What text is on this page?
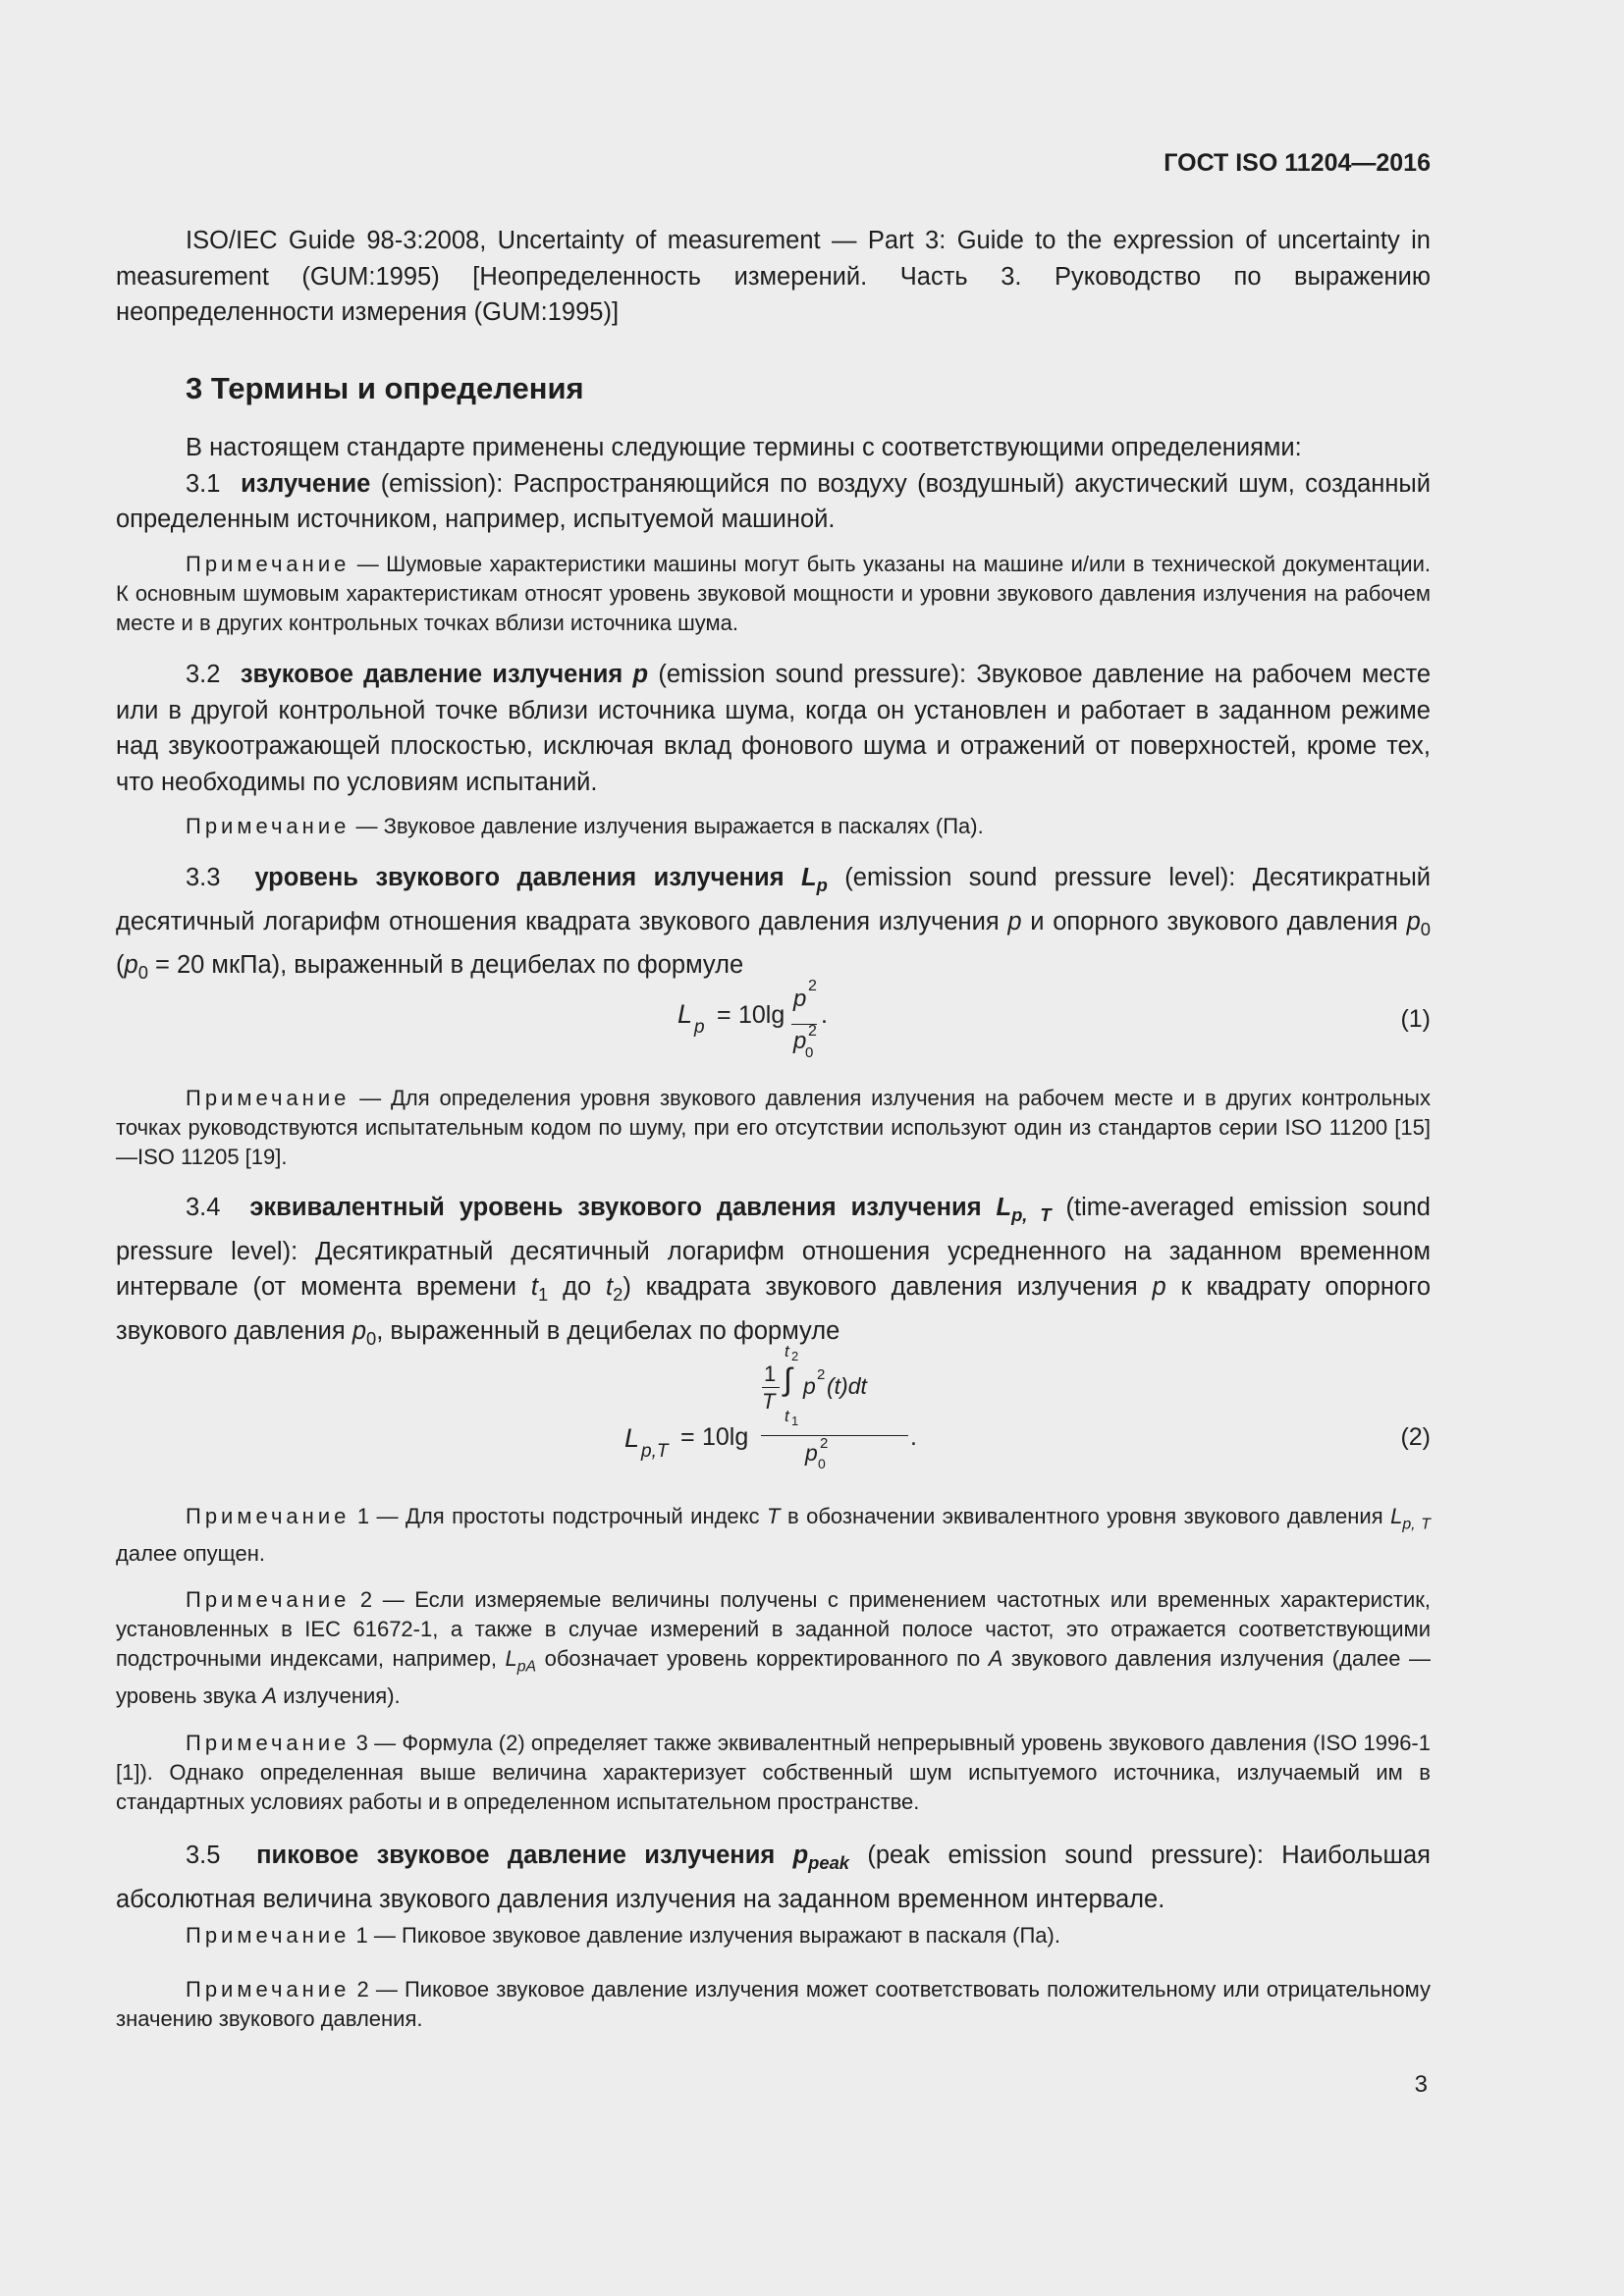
ГОСТ ISO 11204—2016

ISO/IEC Guide 98-3:2008, Uncertainty of measurement — Part 3: Guide to the expression of uncertainty in measurement (GUM:1995) [Неопределенность измерений. Часть 3. Руководство по выражению неопределенности измерения (GUM:1995)]

3 Термины и определения

В настоящем стандарте применены следующие термины с соответствующими определениями:

3.1 излучение (emission): Распространяющийся по воздуху (воздушный) акустический шум, созданный определенным источником, например, испытуемой машиной.

Примечание — Шумовые характеристики машины могут быть указаны на машине и/или в технической документации. К основным шумовым характеристикам относят уровень звуковой мощности и уровни звукового давления излучения на рабочем месте и в других контрольных точках вблизи источника шума.

3.2 звуковое давление излучения p (emission sound pressure): Звуковое давление на рабочем месте или в другой контрольной точке вблизи источника шума, когда он установлен и работает в заданном режиме над звукоотражающей плоскостью, исключая вклад фонового шума и отражений от поверхностей, кроме тех, что необходимы по условиям испытаний.

Примечание — Звуковое давление излучения выражается в паскалях (Па).

3.3 уровень звукового давления излучения $L_p$ (emission sound pressure level): Десятикратный десятичный логарифм отношения квадрата звукового давления излучения p и опорного звукового давления $p_0$ ($p_0 = 20$ мкПа), выраженный в децибелах по формуле

L p = 10lg
p 2
p
0
2
.	(1)

Примечание — Для определения уровня звукового давления излучения на рабочем месте и в других контрольных точках руководствуются испытательным кодом по шуму, при его отсутствии используют один из стандартов серии ISO 11200 [15]—ISO 11205 [19].

3.4 эквивалентный уровень звукового давления излучения $L_{p, T}$ (time-averaged emission sound pressure level): Десятикратный десятичный логарифм отношения усредненного на заданном временном интервале (от момента времени $t_1$ до $t_2$) квадрата звукового давления излучения p к квадрату опорного звукового давления $p_0$, выраженный в децибелах по формуле

L p,T
= 10lg
1
T
∫
t 2
t 1
p 2 (t)dt
p 0
2	.	(2)

Примечание 1 — Для простоты подстрочный индекс T в обозначении эквивалентного уровня звукового давления $L_{p, T}$ далее опущен.

Примечание 2 — Если измеряемые величины получены с применением частотных или временных характеристик, установленных в IEC 61672-1, а также в случае измерений в заданной полосе частот, это отражается соответствующими подстрочными индексами, например, $L_{pA}$ обозначает уровень корректированного по A звукового давления излучения (далее — уровень звука A излучения).

Примечание 3 — Формула (2) определяет также эквивалентный непрерывный уровень звукового давления (ISO 1996-1 [1]). Однако определенная выше величина характеризует собственный шум испытуемого источника, излучаемый им в стандартных условиях работы и в определенном испытательном пространстве.

3.5 пиковое звуковое давление излучения $p_{peak}$ (peak emission sound pressure): Наибольшая абсолютная величина звукового давления излучения на заданном временном интервале.

Примечание 1 — Пиковое звуковое давление излучения выражают в паскаля (Па).

Примечание 2 — Пиковое звуковое давление излучения может соответствовать положительному или отрицательному значению звукового давления.

3
